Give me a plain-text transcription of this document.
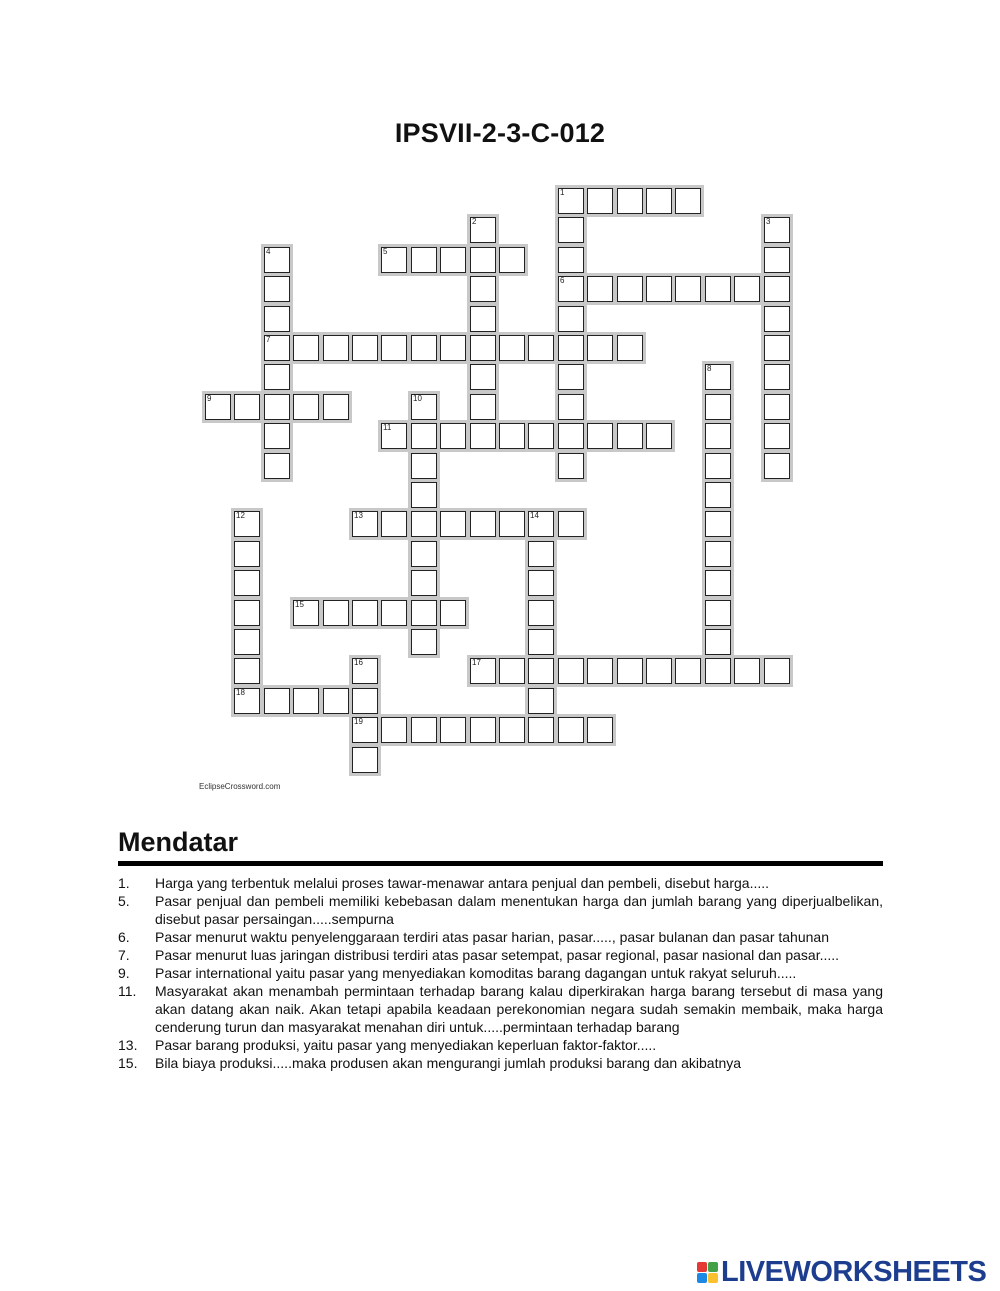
IPSVII-2-3-C-012
1
5
6
7
9
11
13	14
15
17
18
19
2	3
4
8
10
12
16
EclipseCrossword.com
Mendatar
1.	Harga yang terbentuk melalui proses tawar-menawar antara penjual dan pembeli, disebut harga.....
5.	Pasar penjual dan pembeli memiliki kebebasan dalam menentukan harga dan jumlah barang yang diperjualbelikan, disebut pasar persaingan.....sempurna
6.	Pasar menurut waktu penyelenggaraan terdiri atas pasar harian, pasar....., pasar bulanan dan pasar tahunan
7.	Pasar menurut luas jaringan distribusi terdiri atas pasar setempat, pasar regional, pasar nasional dan pasar.....
9.	Pasar international yaitu pasar yang menyediakan komoditas barang dagangan untuk rakyat seluruh.....
11.	Masyarakat akan menambah permintaan terhadap barang kalau diperkirakan harga barang tersebut di masa yang akan datang akan naik. Akan tetapi apabila keadaan perekonomian negara sudah semakin membaik, maka harga cenderung turun dan masyarakat menahan diri untuk.....permintaan terhadap barang
13.	Pasar barang produksi, yaitu pasar yang menyediakan keperluan faktor-faktor.....
15.	Bila biaya produksi.....maka produsen akan mengurangi jumlah produksi barang dan akibatnya
LIVEWORKSHEETS
